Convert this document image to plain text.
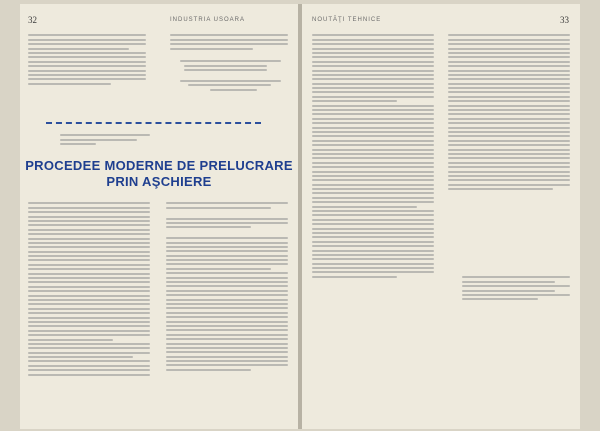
32	INDUSTRIA USOARA
PROCEDEE MODERNE DE PRELUCRARE
PRIN AŞCHIERE
NOUTĂŢI TEHNICE	33
